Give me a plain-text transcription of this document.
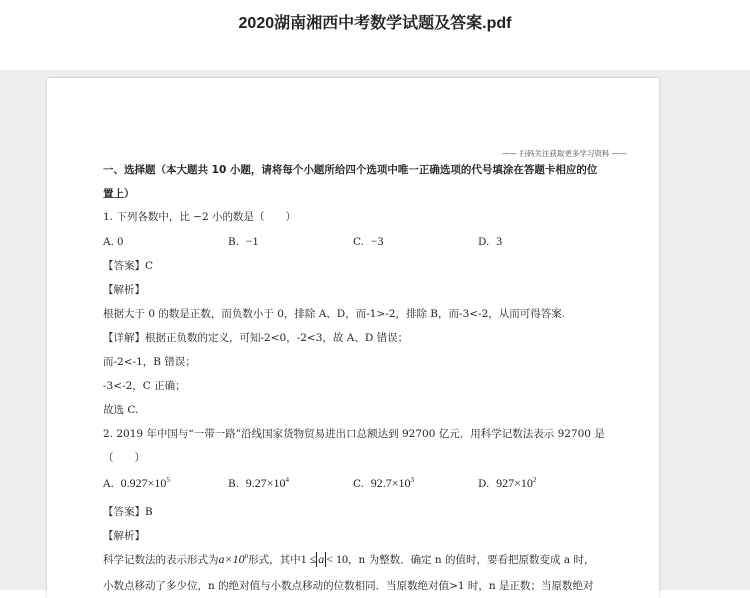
2020湖南湘西中考数学试题及答案.pdf
—— 扫码关注获取更多学习资料 ——
一、选择题（本大题共 10 小题，请将每个小题所给四个选项中唯一正确选项的代号填涂在答题卡相应的位
置上）
1. 下列各数中，比 −2 小的数是（　　）
A. 0	B. −1	C. −3	D. 3
【答案】C
【解析】
根据大于 0 的数是正数，而负数小于 0，排除 A、D，而-1>-2，排除 B，而-3<-2，从而可得答案.
【详解】根据正负数的定义，可知-2<0，-2<3，故 A、D 错误；
而-2<-1，B 错误；
-3<-2，C 正确；
故选 C.
2. 2019 年中国与“一带一路”沿线国家货物贸易进出口总额达到 92700 亿元．用科学记数法表示 92700 是
（　　）
A. $0.927\times 10^5$	B. $9.27\times 10^4$	C. $92.7\times 10^3$	D. $927\times 10^2$
【答案】B
【解析】
科学记数法的表示形式为$a\times 10^n$形式，其中1 ≤ a < 10，n 为整数．确定 n 的值时，要看把原数变成 a 时，
小数点移动了多少位，n 的绝对值与小数点移动的位数相同．当原数绝对值>1 时，n 是正数；当原数绝对
